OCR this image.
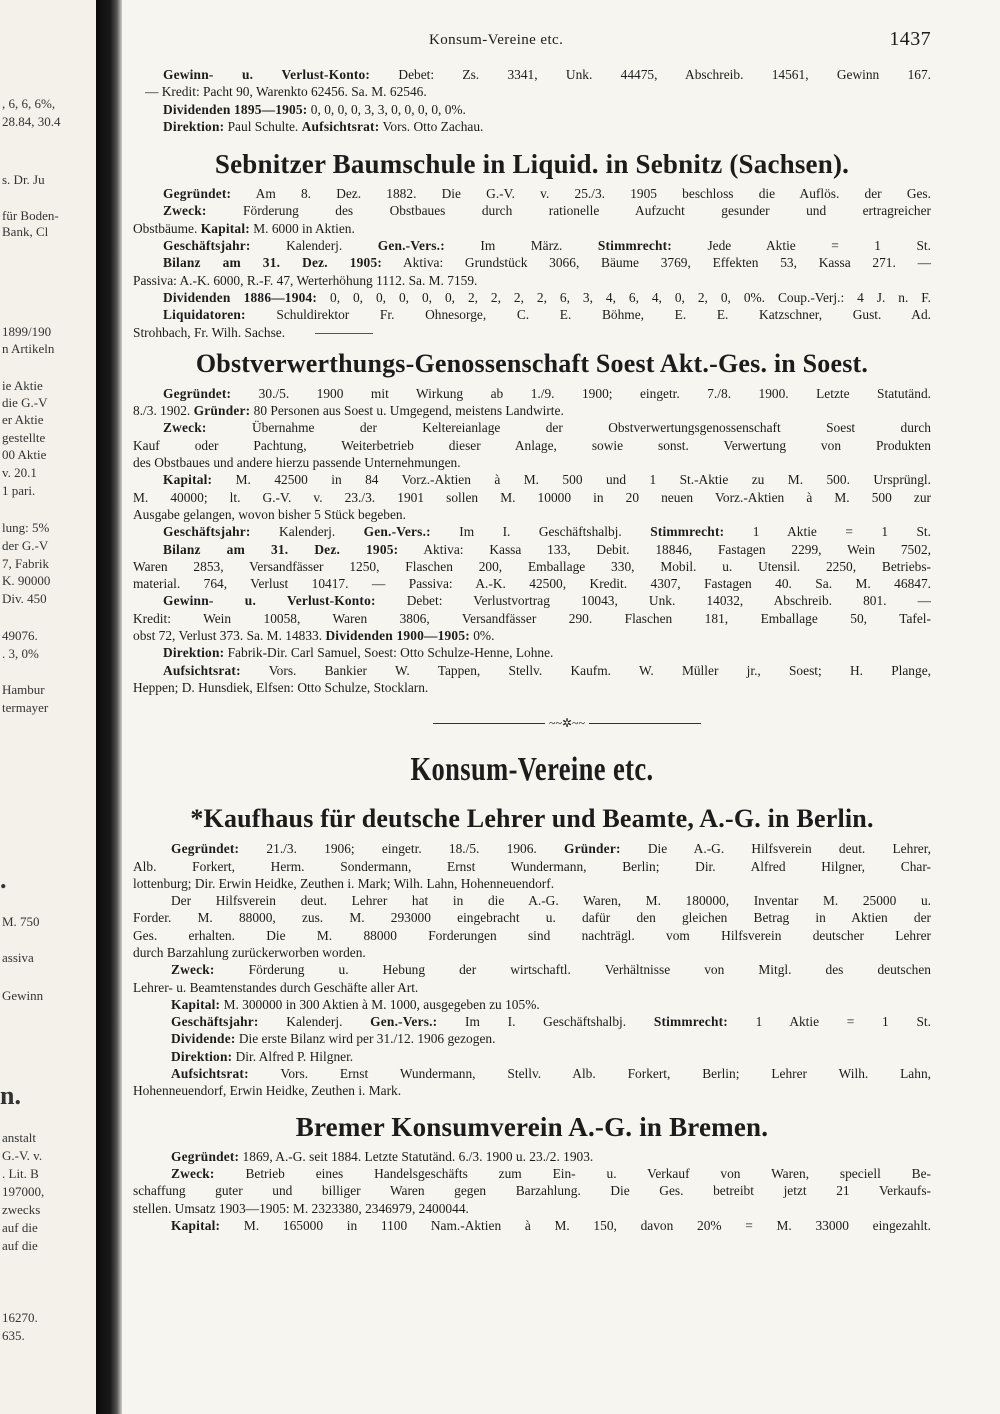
, 6, 6, 6%,
28.84, 30.4
s. Dr. Ju
für Boden-
Bank, Cl
1899/190
n Artikeln
ie Aktie
die G.-V
er Aktie
gestellte
00 Aktie
v. 20.1
1 pari.
lung: 5%
der G.-V
7, Fabrik
K. 90000
Div. 450
49076.
. 3, 0%
Hambur
termayer
.
M. 750
assiva
Gewinn
n.
anstalt
G.-V. v.
. Lit. B
197000,
zwecks
auf die
auf die
16270.
635.
Konsum-Vereine etc.	1437
Gewinn- u. Verlust-Konto: Debet: Zs. 3341, Unk. 44475, Abschreib. 14561, Gewinn 167.
— Kredit: Pacht 90, Warenkto 62456. Sa. M. 62546.
Dividenden 1895—1905: 0, 0, 0, 0, 3, 3, 0, 0, 0, 0, 0%.
Direktion: Paul Schulte. Aufsichtsrat: Vors. Otto Zachau.
Sebnitzer Baumschule in Liquid. in Sebnitz (Sachsen).
Gegründet: Am 8. Dez. 1882. Die G.-V. v. 25./3. 1905 beschloss die Auflös. der Ges.
Zweck: Förderung des Obstbaues durch rationelle Aufzucht gesunder und ertragreicher
Obstbäume. Kapital: M. 6000 in Aktien.
Geschäftsjahr: Kalenderj. Gen.-Vers.: Im März. Stimmrecht: Jede Aktie = 1 St.
Bilanz am 31. Dez. 1905: Aktiva: Grundstück 3066, Bäume 3769, Effekten 53, Kassa 271. —
Passiva: A.-K. 6000, R.-F. 47, Werterhöhung 1112. Sa. M. 7159.
Dividenden 1886—1904: 0, 0, 0, 0, 0, 0, 2, 2, 2, 2, 6, 3, 4, 6, 4, 0, 2, 0, 0%. Coup.-Verj.: 4 J. n. F.
Liquidatoren: Schuldirektor Fr. Ohnesorge, C. E. Böhme, E. E. Katzschner, Gust. Ad.
Strohbach, Fr. Wilh. Sachse.
Obstverwerthungs-Genossenschaft Soest Akt.-Ges. in Soest.
Gegründet: 30./5. 1900 mit Wirkung ab 1./9. 1900; eingetr. 7./8. 1900. Letzte Statutänd.
8./3. 1902. Gründer: 80 Personen aus Soest u. Umgegend, meistens Landwirte.
Zweck: Übernahme der Keltereianlage der Obstverwertungsgenossenschaft Soest durch
Kauf oder Pachtung, Weiterbetrieb dieser Anlage, sowie sonst. Verwertung von Produkten
des Obstbaues und andere hierzu passende Unternehmungen.
Kapital: M. 42500 in 84 Vorz.-Aktien à M. 500 und 1 St.-Aktie zu M. 500. Ursprüngl.
M. 40000; lt. G.-V. v. 23./3. 1901 sollen M. 10000 in 20 neuen Vorz.-Aktien à M. 500 zur
Ausgabe gelangen, wovon bisher 5 Stück begeben.
Geschäftsjahr: Kalenderj. Gen.-Vers.: Im I. Geschäftshalbj. Stimmrecht: 1 Aktie = 1 St.
Bilanz am 31. Dez. 1905: Aktiva: Kassa 133, Debit. 18846, Fastagen 2299, Wein 7502,
Waren 2853, Versandfässer 1250, Flaschen 200, Emballage 330, Mobil. u. Utensil. 2250, Betriebs-
material. 764, Verlust 10417. — Passiva: A.-K. 42500, Kredit. 4307, Fastagen 40. Sa. M. 46847.
Gewinn- u. Verlust-Konto: Debet: Verlustvortrag 10043, Unk. 14032, Abschreib. 801. —
Kredit: Wein 10058, Waren 3806, Versandfässer 290. Flaschen 181, Emballage 50, Tafel-
obst 72, Verlust 373. Sa. M. 14833. Dividenden 1900—1905: 0%.
Direktion: Fabrik-Dir. Carl Samuel, Soest: Otto Schulze-Henne, Lohne.
Aufsichtsrat: Vors. Bankier W. Tappen, Stellv. Kaufm. W. Müller jr., Soest; H. Plange,
Heppen; D. Hunsdiek, Elfsen: Otto Schulze, Stocklarn.
~~✲~~
Konsum-Vereine etc.
*Kaufhaus für deutsche Lehrer und Beamte, A.-G. in Berlin.
Gegründet: 21./3. 1906; eingetr. 18./5. 1906. Gründer: Die A.-G. Hilfsverein deut. Lehrer,
Alb. Forkert, Herm. Sondermann, Ernst Wundermann, Berlin; Dir. Alfred Hilgner, Char-
lottenburg; Dir. Erwin Heidke, Zeuthen i. Mark; Wilh. Lahn, Hohenneuendorf.
Der Hilfsverein deut. Lehrer hat in die A.-G. Waren, M. 180000, Inventar M. 25000 u.
Forder. M. 88000, zus. M. 293000 eingebracht u. dafür den gleichen Betrag in Aktien der
Ges. erhalten. Die M. 88000 Forderungen sind nachträgl. vom Hilfsverein deutscher Lehrer
durch Barzahlung zurückerworben worden.
Zweck: Förderung u. Hebung der wirtschaftl. Verhältnisse von Mitgl. des deutschen
Lehrer- u. Beamtenstandes durch Geschäfte aller Art.
Kapital: M. 300000 in 300 Aktien à M. 1000, ausgegeben zu 105%.
Geschäftsjahr: Kalenderj. Gen.-Vers.: Im I. Geschäftshalbj. Stimmrecht: 1 Aktie = 1 St.
Dividende: Die erste Bilanz wird per 31./12. 1906 gezogen.
Direktion: Dir. Alfred P. Hilgner.
Aufsichtsrat: Vors. Ernst Wundermann, Stellv. Alb. Forkert, Berlin; Lehrer Wilh. Lahn,
Hohenneuendorf, Erwin Heidke, Zeuthen i. Mark.
Bremer Konsumverein A.-G. in Bremen.
Gegründet: 1869, A.-G. seit 1884. Letzte Statutänd. 6./3. 1900 u. 23./2. 1903.
Zweck: Betrieb eines Handelsgeschäfts zum Ein- u. Verkauf von Waren, speciell Be-
schaffung guter und billiger Waren gegen Barzahlung. Die Ges. betreibt jetzt 21 Verkaufs-
stellen. Umsatz 1903—1905: M. 2323380, 2346979, 2400044.
Kapital: M. 165000 in 1100 Nam.-Aktien à M. 150, davon 20% = M. 33000 eingezahlt.
